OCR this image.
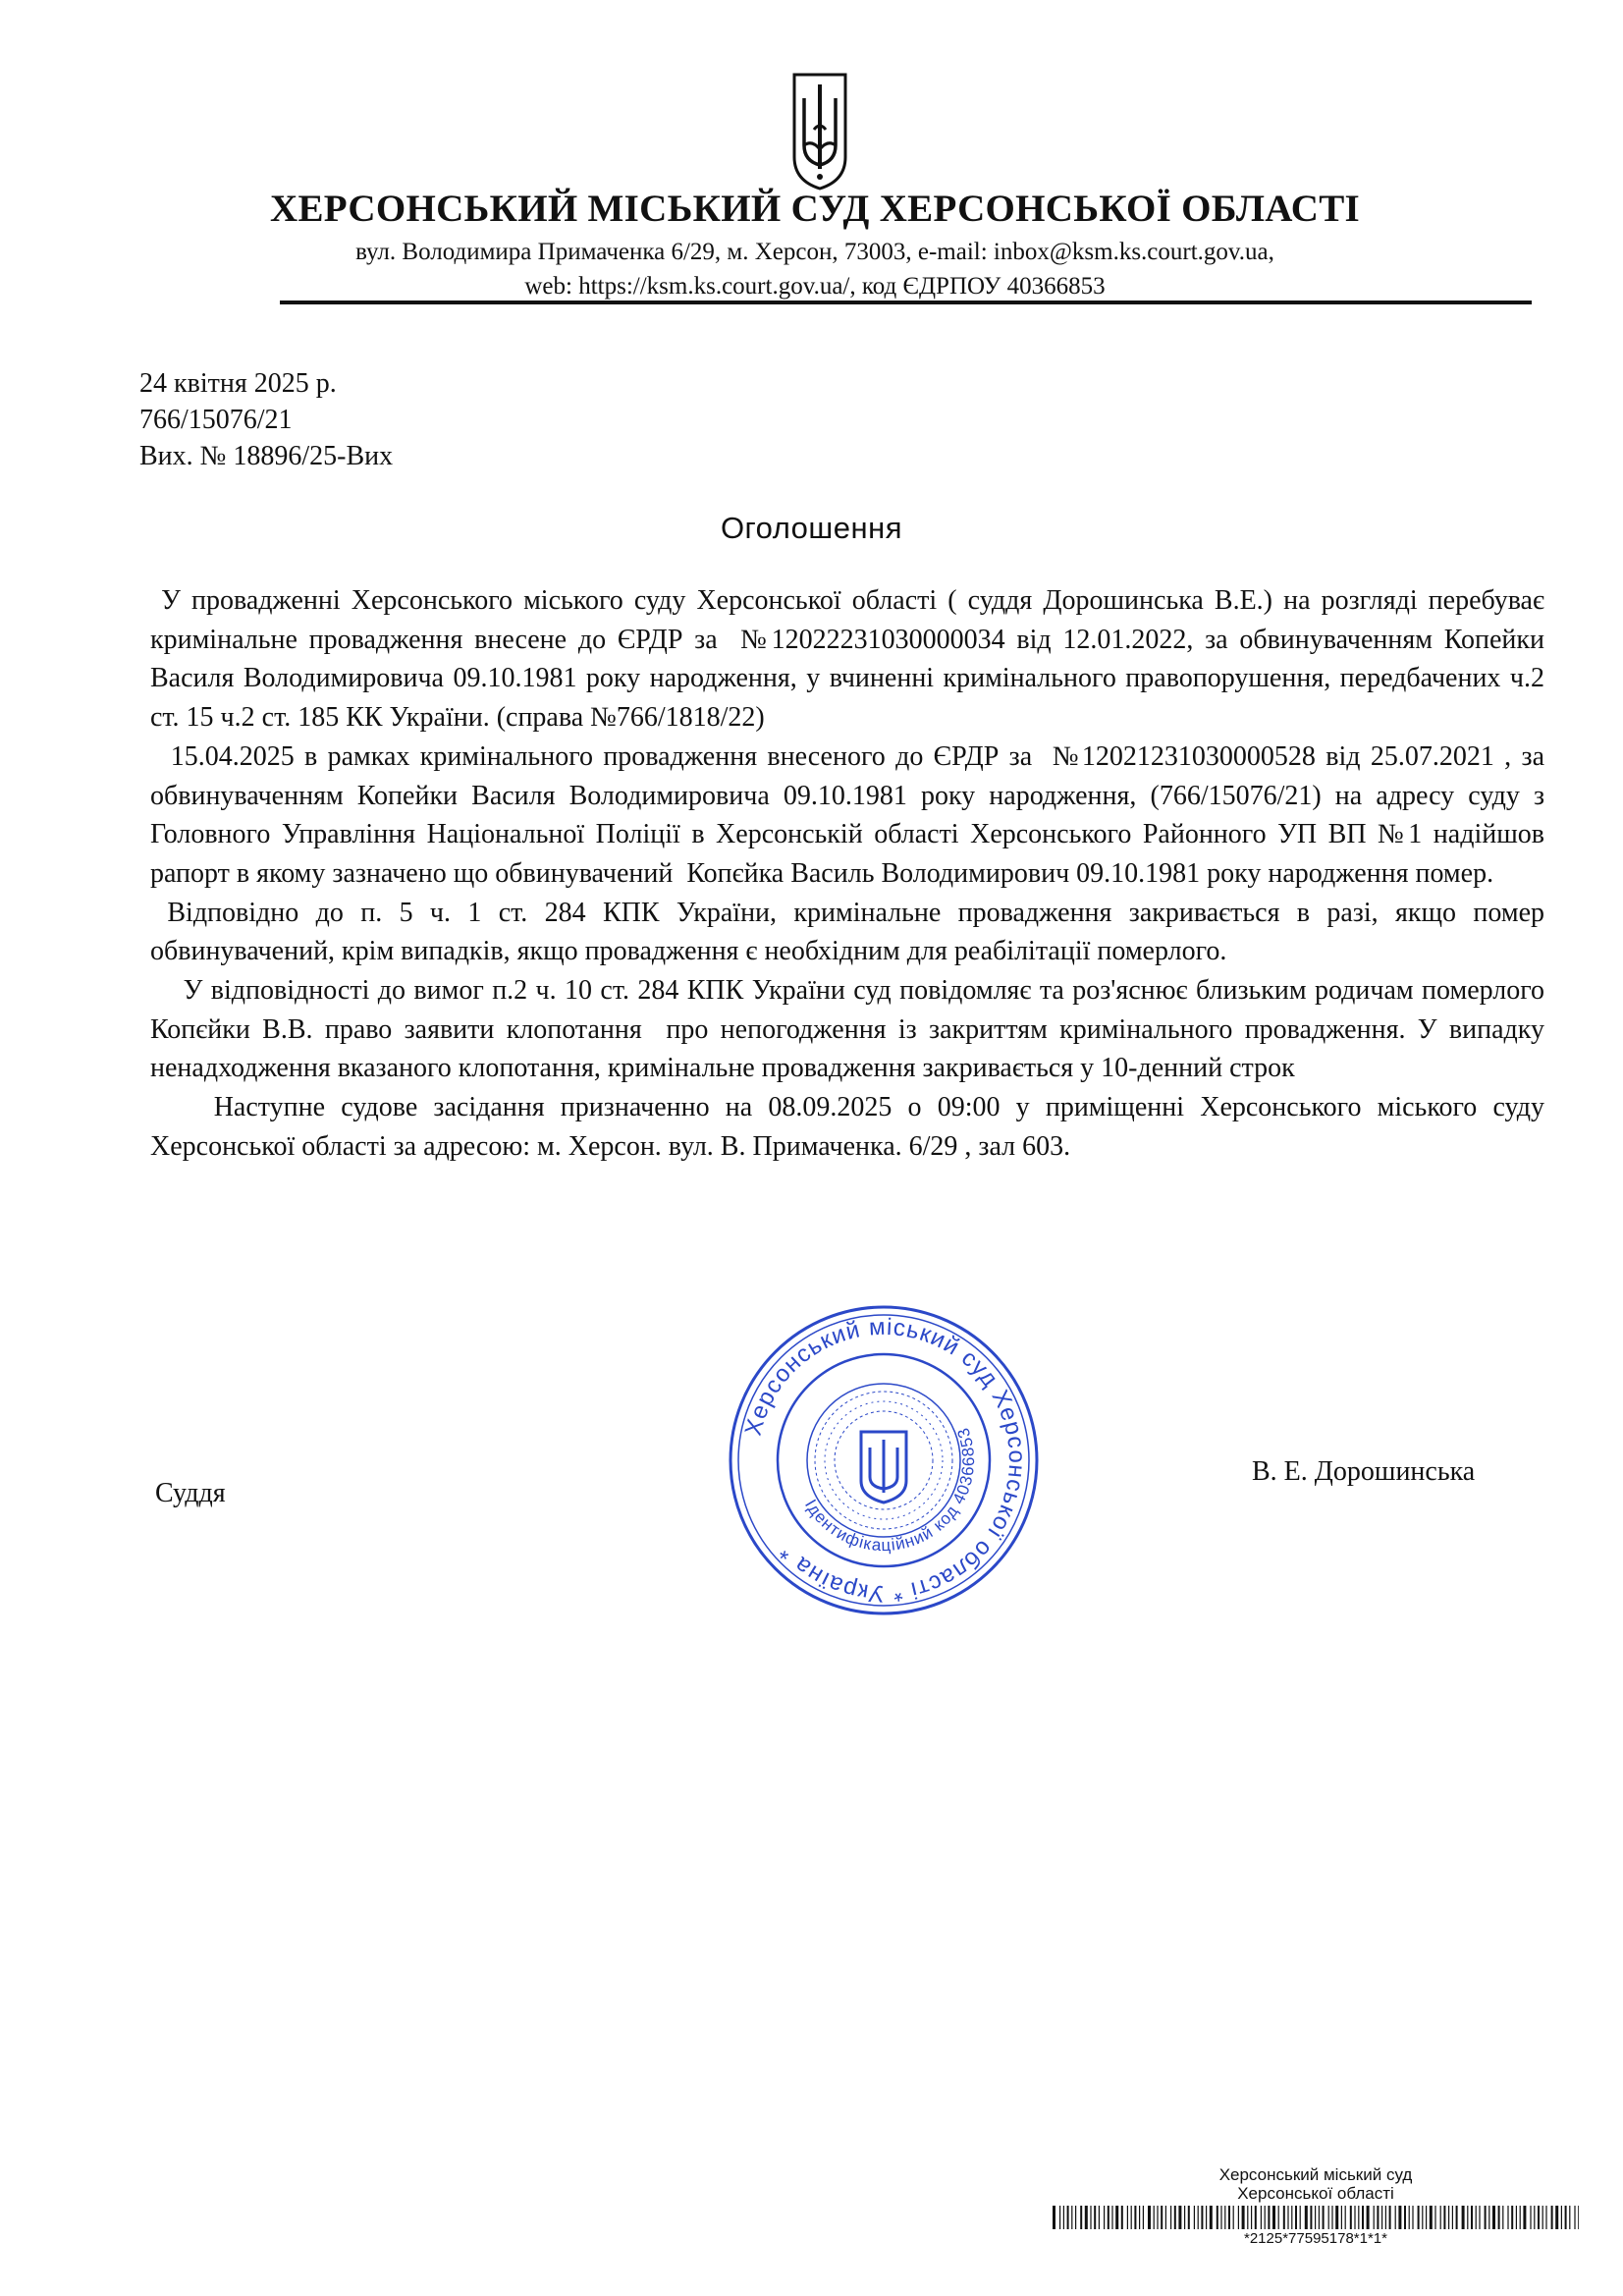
ХЕРСОНСЬКИЙ МІСЬКИЙ СУД ХЕРСОНСЬКОЇ ОБЛАСТІ
вул. Володимира Примаченка 6/29, м. Херсон, 73003, e-mail: inbox@ksm.ks.court.gov.ua,
web: https://ksm.ks.court.gov.ua/, код ЄДРПОУ 40366853
24 квітня 2025 р.
766/15076/21
Вих. № 18896/25-Вих
Оголошення

У провадженні Херсонського міського суду Херсонської області ( суддя Дорошинська В.Е.) на розгляді перебуває кримінальне провадження внесене до ЄРДР за  №12022231030000034 від 12.01.2022, за обвинуваченням Копейки Василя Володимировича 09.10.1981 року народження, у вчиненні кримінального правопорушення, передбачених ч.2 ст. 15 ч.2 ст. 185 КК України. (справа №766/1818/22)

15.04.2025 в рамках кримінального провадження внесеного до ЄРДР за  №12021231030000528 від 25.07.2021 , за обвинуваченням Копейки Василя Володимировича 09.10.1981 року народження, (766/15076/21) на адресу суду з Головного Управління Національної Поліції в Херсонській області Херсонського Районного УП ВП №1 надійшов рапорт в якому зазначено що обвинувачений  Копєйка Василь Володимирович 09.10.1981 року народження помер.

Відповідно до п. 5 ч. 1 ст. 284 КПК України, кримінальне провадження закривається в разі, якщо помер обвинувачений, крім випадків, якщо провадження є необхідним для реабілітації померлого.

У відповідності до вимог п.2 ч. 10 ст. 284 КПК України суд повідомляє та роз'яснює близьким родичам померлого Копєйки В.В. право заявити клопотання  про непогодження із закриттям кримінального провадження. У випадку ненадходження вказаного клопотання, кримінальне провадження закривається у 10-денний строк

Наступне судове засідання призначенно на 08.09.2025 о 09:00 у приміщенні Херсонського міського суду Херсонської області за адресою: м. Херсон. вул. В. Примаченка. 6/29 , зал 603.

Суддя
В. Е. Дорошинська
Херсонський міський суд Херсонської області * Україна *
Ідентифікаційний код 40366853
Херсонський міський суд
Херсонської області
*2125*77595178*1*1*
